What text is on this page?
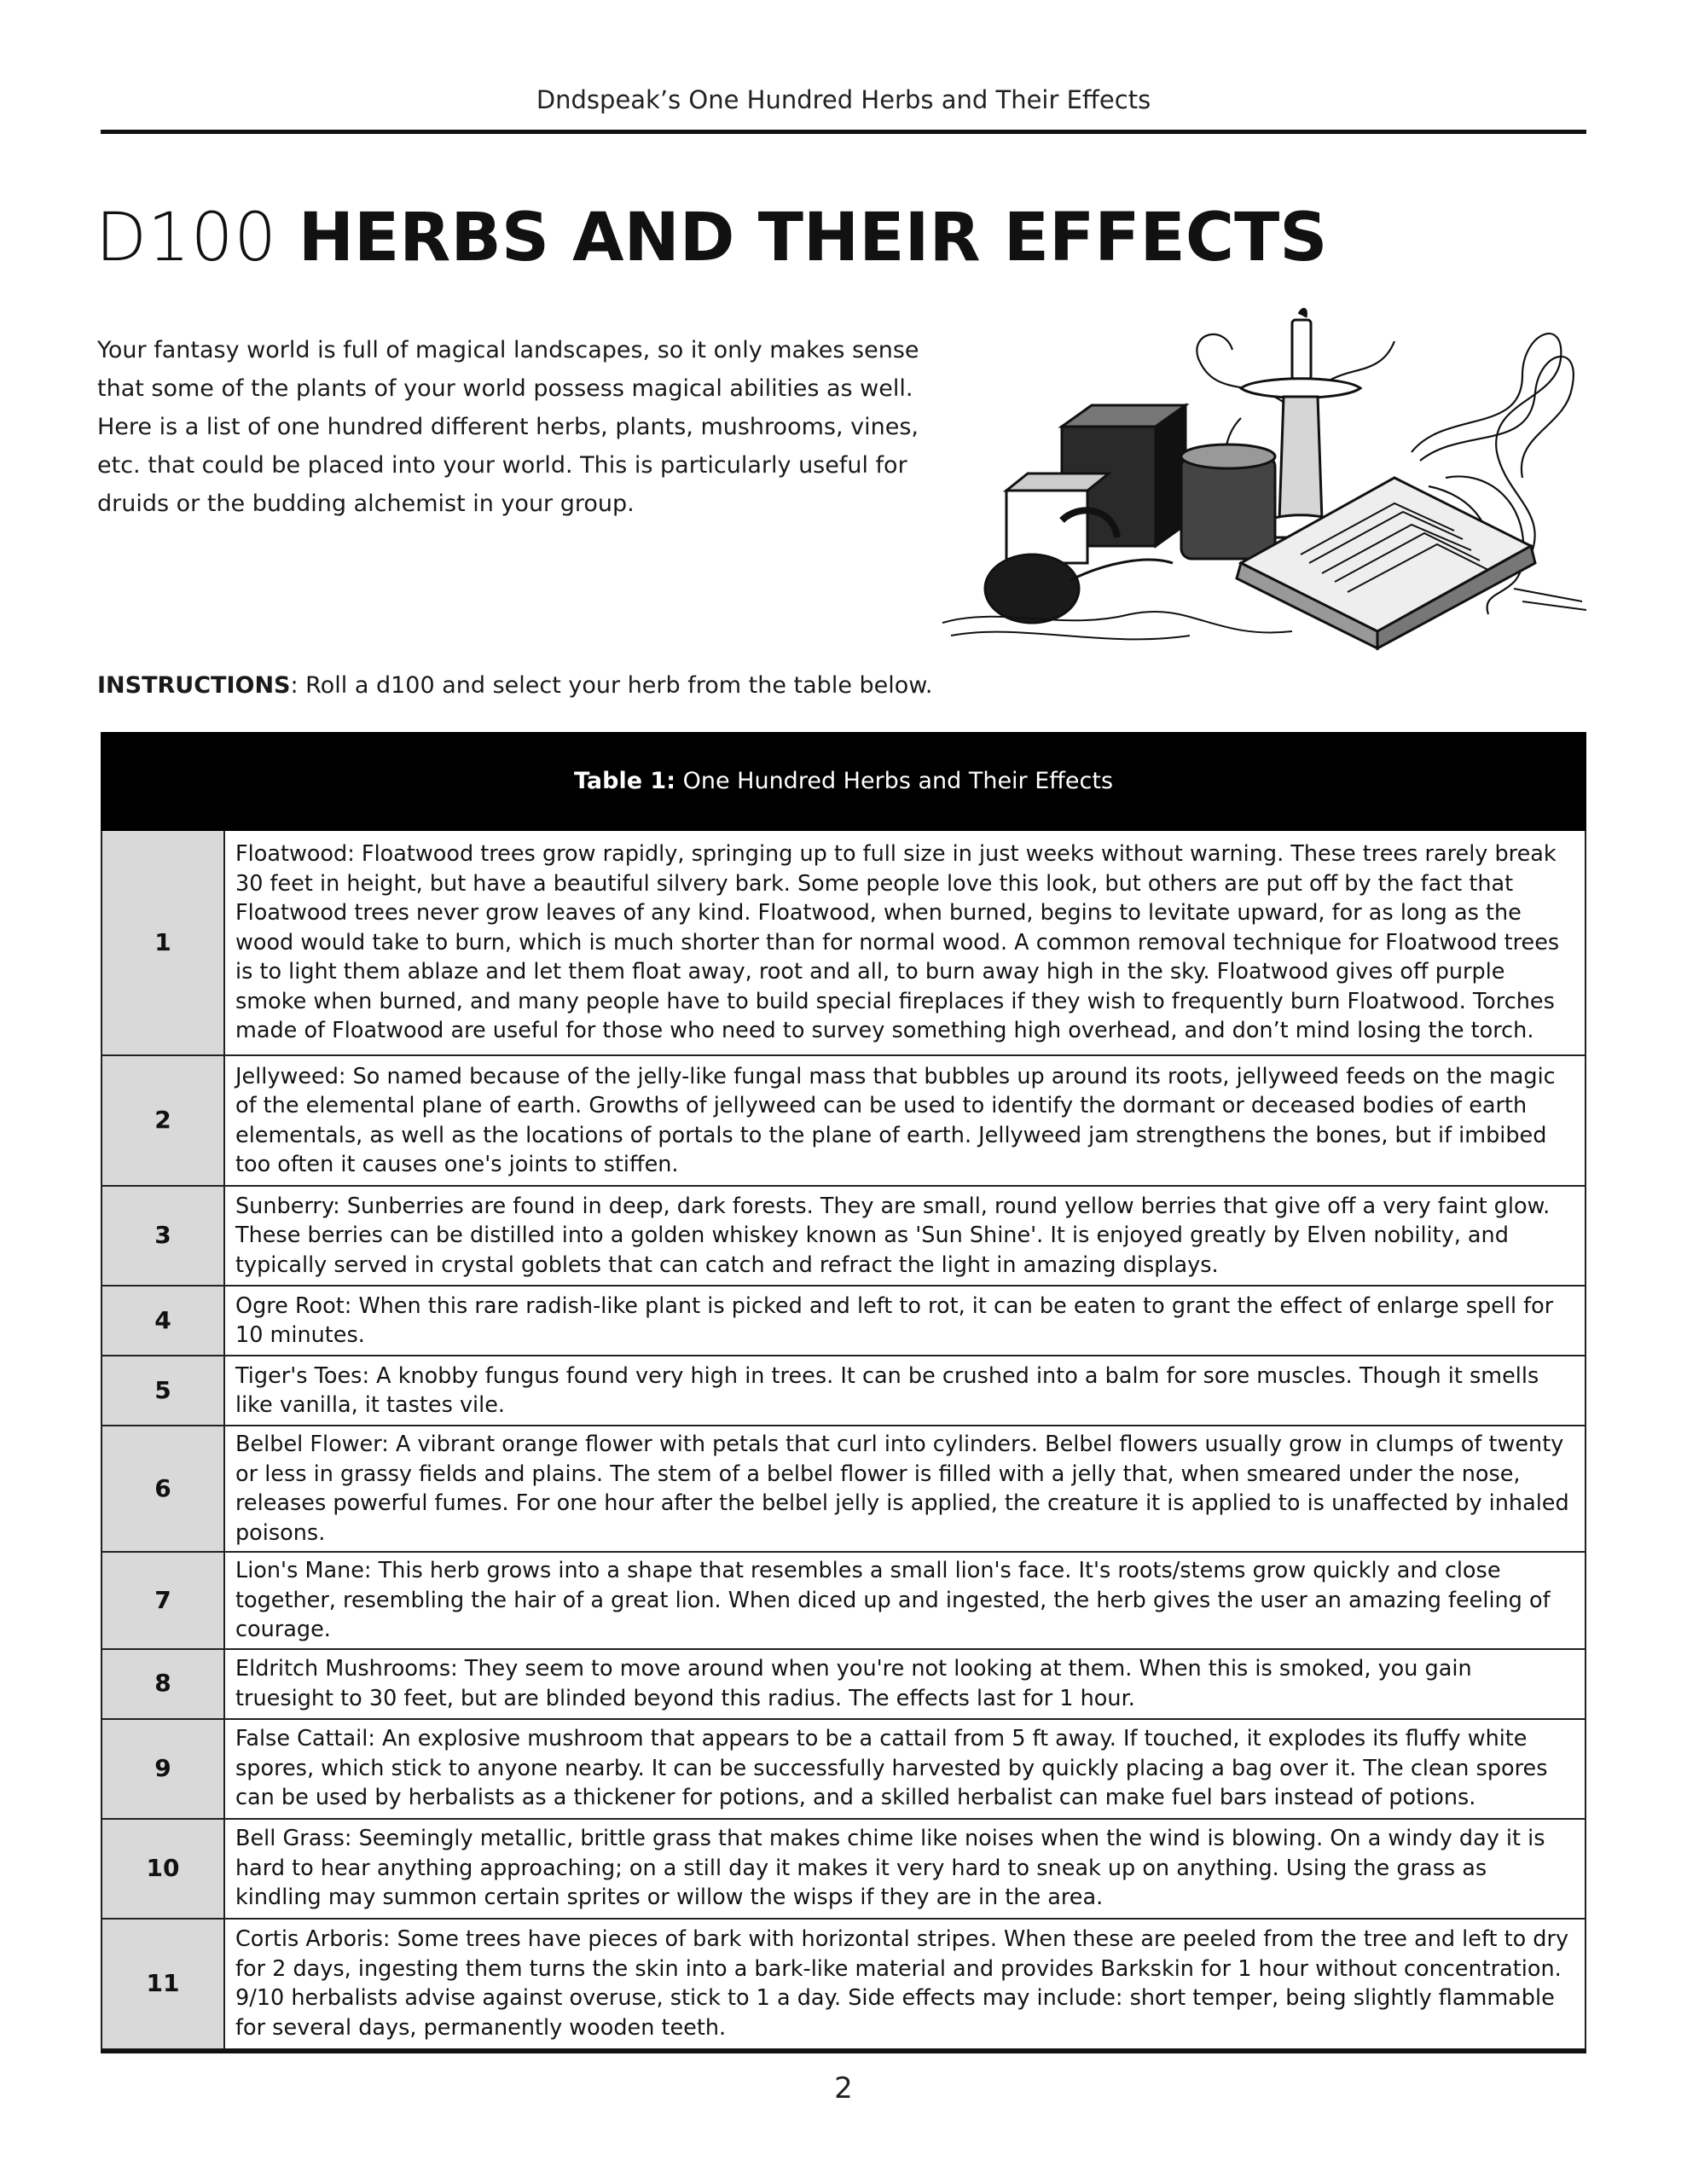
Dndspeak’s One Hundred Herbs and Their Effects
D100 HERBS AND THEIR EFFECTS
Your fantasy world is full of magical landscapes, so it only makes sense that some of the plants of your world possess magical abilities as well. Here is a list of one hundred different herbs, plants, mushrooms, vines, etc. that could be placed into your world. This is particularly useful for druids or the budding alchemist in your group.
INSTRUCTIONS: Roll a d100 and select your herb from the table below.
Table 1: One Hundred Herbs and Their Effects	
1	Floatwood: Floatwood trees grow rapidly, springing up to full size in just weeks without warning. These trees rarely break 30 feet in height, but have a beautiful silvery bark. Some people love this look, but others are put off by the fact that Floatwood trees never grow leaves of any kind. Floatwood, when burned, begins to levitate upward, for as long as the wood would take to burn, which is much shorter than for normal wood. A common removal technique for Floatwood trees is to light them ablaze and let them float away, root and all, to burn away high in the sky. Floatwood gives off purple smoke when burned, and many people have to build special fireplaces if they wish to frequently burn Floatwood. Torches made of Floatwood are useful for those who need to survey something high overhead, and don’t mind losing the torch.
2	Jellyweed: So named because of the jelly-like fungal mass that bubbles up around its roots, jellyweed feeds on the magic of the elemental plane of earth. Growths of jellyweed can be used to identify the dormant or deceased bodies of earth elementals, as well as the locations of portals to the plane of earth. Jellyweed jam strengthens the bones, but if imbibed too often it causes one's joints to stiffen.
3	Sunberry: Sunberries are found in deep, dark forests. They are small, round yellow berries that give off a very faint glow. These berries can be distilled into a golden whiskey known as 'Sun Shine'. It is enjoyed greatly by Elven nobility, and typically served in crystal goblets that can catch and refract the light in amazing displays.
4	Ogre Root: When this rare radish-like plant is picked and left to rot, it can be eaten to grant the effect of enlarge spell for 10 minutes.
5	Tiger's Toes: A knobby fungus found very high in trees. It can be crushed into a balm for sore muscles. Though it smells like vanilla, it tastes vile.
6	Belbel Flower: A vibrant orange flower with petals that curl into cylinders. Belbel flowers usually grow in clumps of twenty or less in grassy fields and plains. The stem of a belbel flower is filled with a jelly that, when smeared under the nose, releases powerful fumes. For one hour after the belbel jelly is applied, the creature it is applied to is unaffected by inhaled poisons.
7	Lion's Mane: This herb grows into a shape that resembles a small lion's face. It's roots/stems grow quickly and close together, resembling the hair of a great lion. When diced up and ingested, the herb gives the user an amazing feeling of courage.
8	Eldritch Mushrooms: They seem to move around when you're not looking at them. When this is smoked, you gain truesight to 30 feet, but are blinded beyond this radius. The effects last for 1 hour.
9	False Cattail: An explosive mushroom that appears to be a cattail from 5 ft away. If touched, it explodes its fluffy white spores, which stick to anyone nearby. It can be successfully harvested by quickly placing a bag over it. The clean spores can be used by herbalists as a thickener for potions, and a skilled herbalist can make fuel bars instead of potions.
10	Bell Grass: Seemingly metallic, brittle grass that makes chime like noises when the wind is blowing. On a windy day it is hard to hear anything approaching; on a still day it makes it very hard to sneak up on anything. Using the grass as kindling may summon certain sprites or willow the wisps if they are in the area.
11	Cortis Arboris: Some trees have pieces of bark with horizontal stripes. When these are peeled from the tree and left to dry for 2 days, ingesting them turns the skin into a bark-like material and provides Barkskin for 1 hour without concentration. 9/10 herbalists advise against overuse, stick to 1 a day. Side effects may include: short temper, being slightly flammable for several days, permanently wooden teeth.
2
